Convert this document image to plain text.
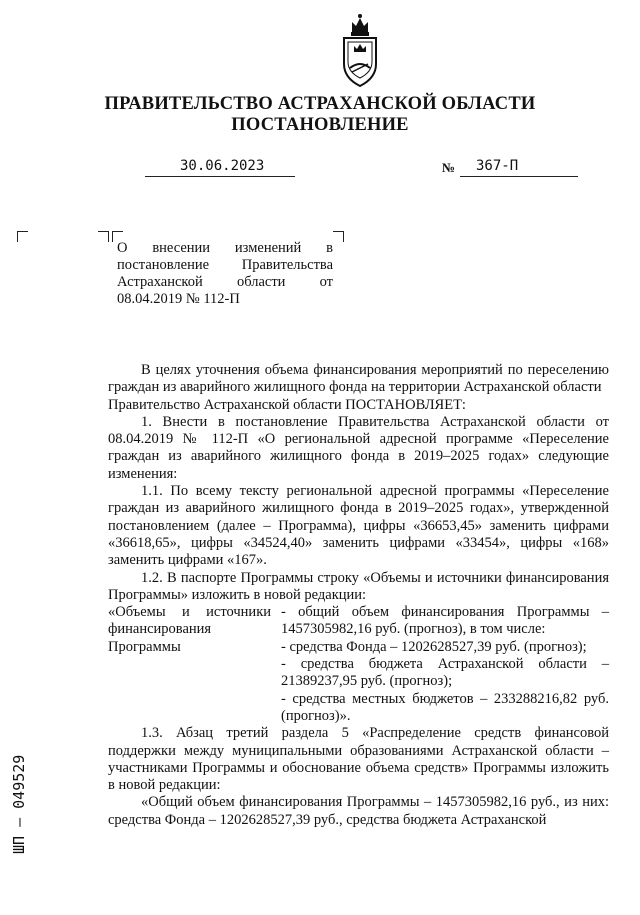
ПРАВИТЕЛЬСТВО АСТРАХАНСКОЙ ОБЛАСТИ
ПОСТАНОВЛЕНИЕ
30.06.2023	№ 367-П
О внесении изменений в постановление Правительства Астраханской области от 08.04.2019 № 112-П

В целях уточнения объема финансирования мероприятий по переселению граждан из аварийного жилищного фонда на территории Астраханской области

Правительство Астраханской области ПОСТАНОВЛЯЕТ:

1. Внести в постановление Правительства Астраханской области от 08.04.2019 № 112-П «О региональной адресной программе «Переселение граждан из аварийного жилищного фонда в 2019–2025 годах» следующие изменения:

1.1. По всему тексту региональной адресной программы «Переселение граждан из аварийного жилищного фонда в 2019–2025 годах», утвержденной постановлением (далее – Программа), цифры «36653,45» заменить цифрами «36618,65», цифры «34524,40» заменить цифрами «33454», цифры «168» заменить цифрами «167».

1.2. В паспорте Программы строку «Объемы и источники финансирования Программы» изложить в новой редакции:

«Объемы и источники финансирования Программы

- общий объем финансирования Программы – 1457305982,16 руб. (прогноз), в том числе:

- средства Фонда – 1202628527,39 руб. (прогноз);

- средства бюджета Астраханской области – 21389237,95 руб. (прогноз);

- средства местных бюджетов – 233288216,82 руб. (прогноз)».

1.3. Абзац третий раздела 5 «Распределение средств финансовой поддержки между муниципальными образованиями Астраханской области – участниками Программы и обоснование объема средств» Программы изложить в новой редакции:

«Общий объем финансирования Программы – 1457305982,16 руб., из них: средства Фонда – 1202628527,39 руб., средства бюджета Астраханской

ШП – 049529
